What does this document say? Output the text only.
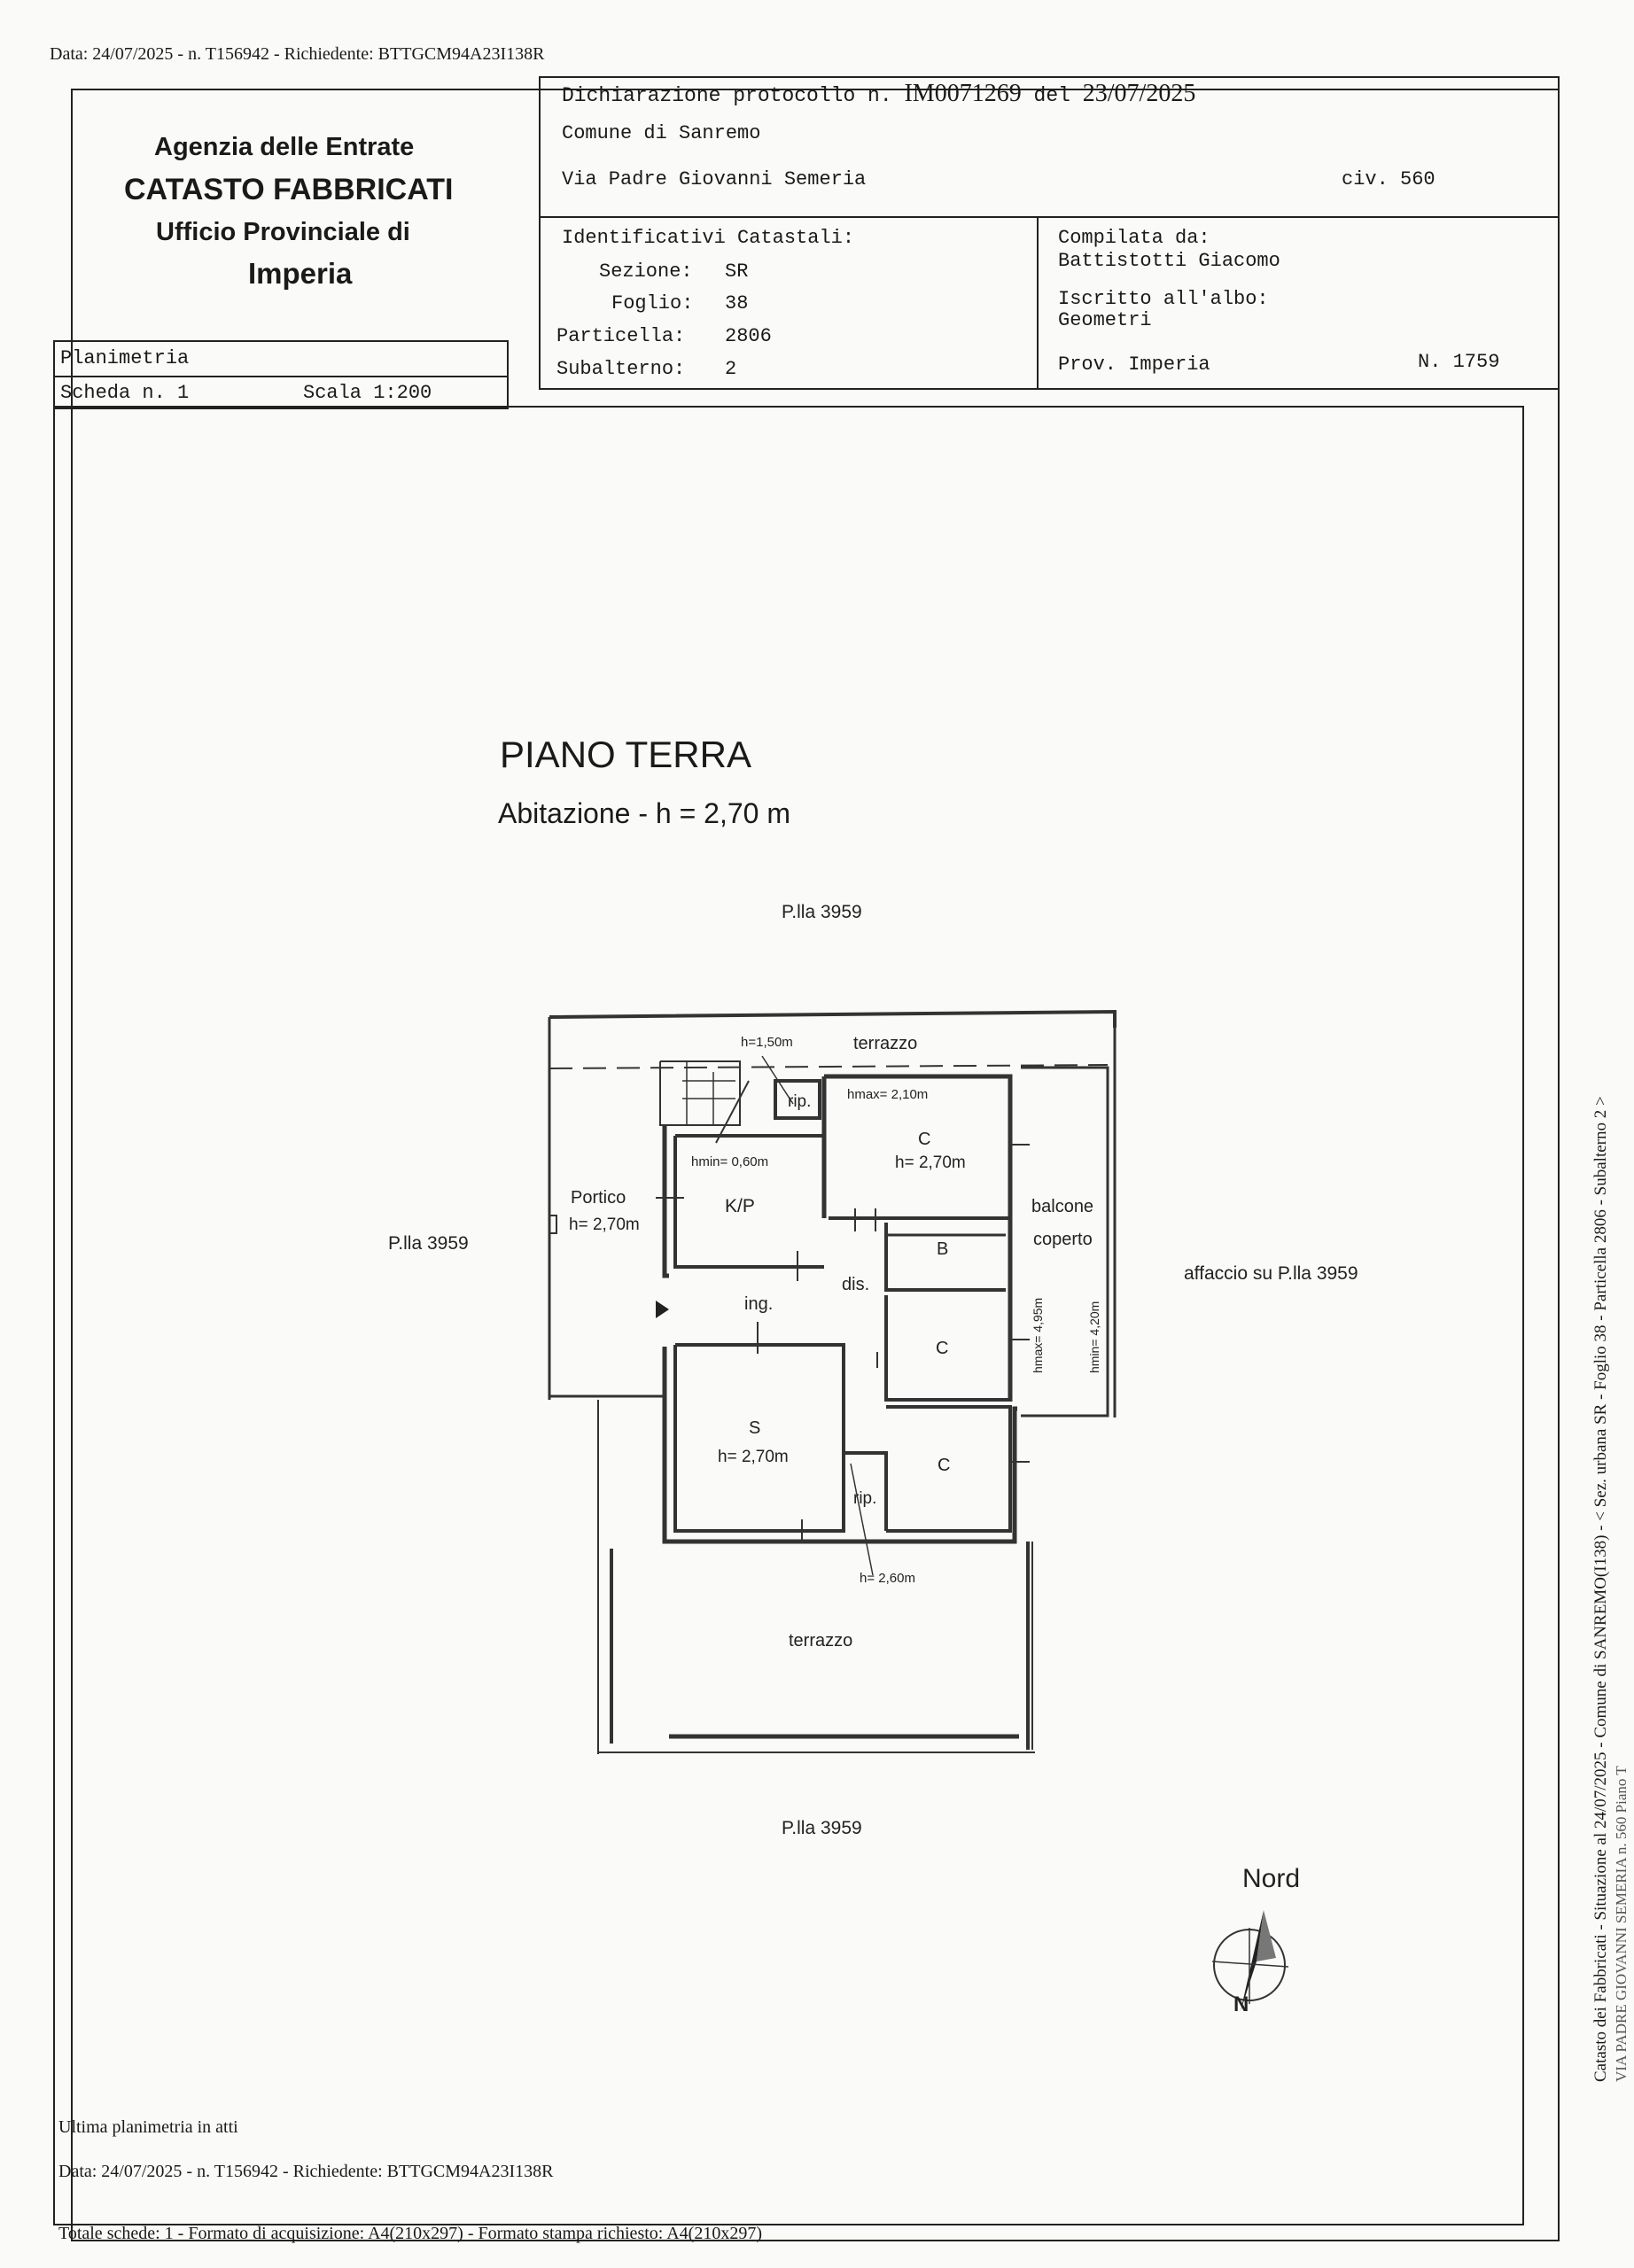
Data: 24/07/2025 - n. T156942 - Richiedente: BTTGCM94A23I138R
Agenzia delle Entrate
CATASTO FABBRICATI
Ufficio Provinciale di
Imperia
Dichiarazione protocollo n. IM0071269 del 23/07/2025
Comune di Sanremo
Via Padre Giovanni Semeria	civ. 560
Identificativi Catastali:
Sezione: SR
Foglio: 38
Particella: 2806
Subalterno: 2
Compilata da:
Battistotti Giacomo
Iscritto all'albo:
Geometri
Prov. Imperia	N. 1759
Planimetria
Scheda n. 1	Scala 1:200
PIANO TERRA
Abitazione - h = 2,70 m
P.lla 3959
P.lla 3959
P.lla 3959
affaccio su P.lla 3959
terrazzo
h=1,50m
rip.	hmax= 2,10m
hmin= 0,60m
C
h= 2,70m
Portico
h= 2,70m
K/P	balcone
coperto
B
dis.
ing.
C	hmax= 4,95m	hmin= 4,20m
S
h= 2,70m	C
rip.
h= 2,60m
terrazzo
Nord
N
Ultima planimetria in atti
Data: 24/07/2025 - n. T156942 - Richiedente: BTTGCM94A23I138R
Totale schede: 1 - Formato di acquisizione: A4(210x297) - Formato stampa richiesto: A4(210x297)
Catasto dei Fabbricati - Situazione al 24/07/2025 - Comune di SANREMO(I138) - < Sez. urbana SR - Foglio 38 - Particella 2806 - Subalterno 2 > VIA PADRE GIOVANNI SEMERIA n. 560 Piano T
